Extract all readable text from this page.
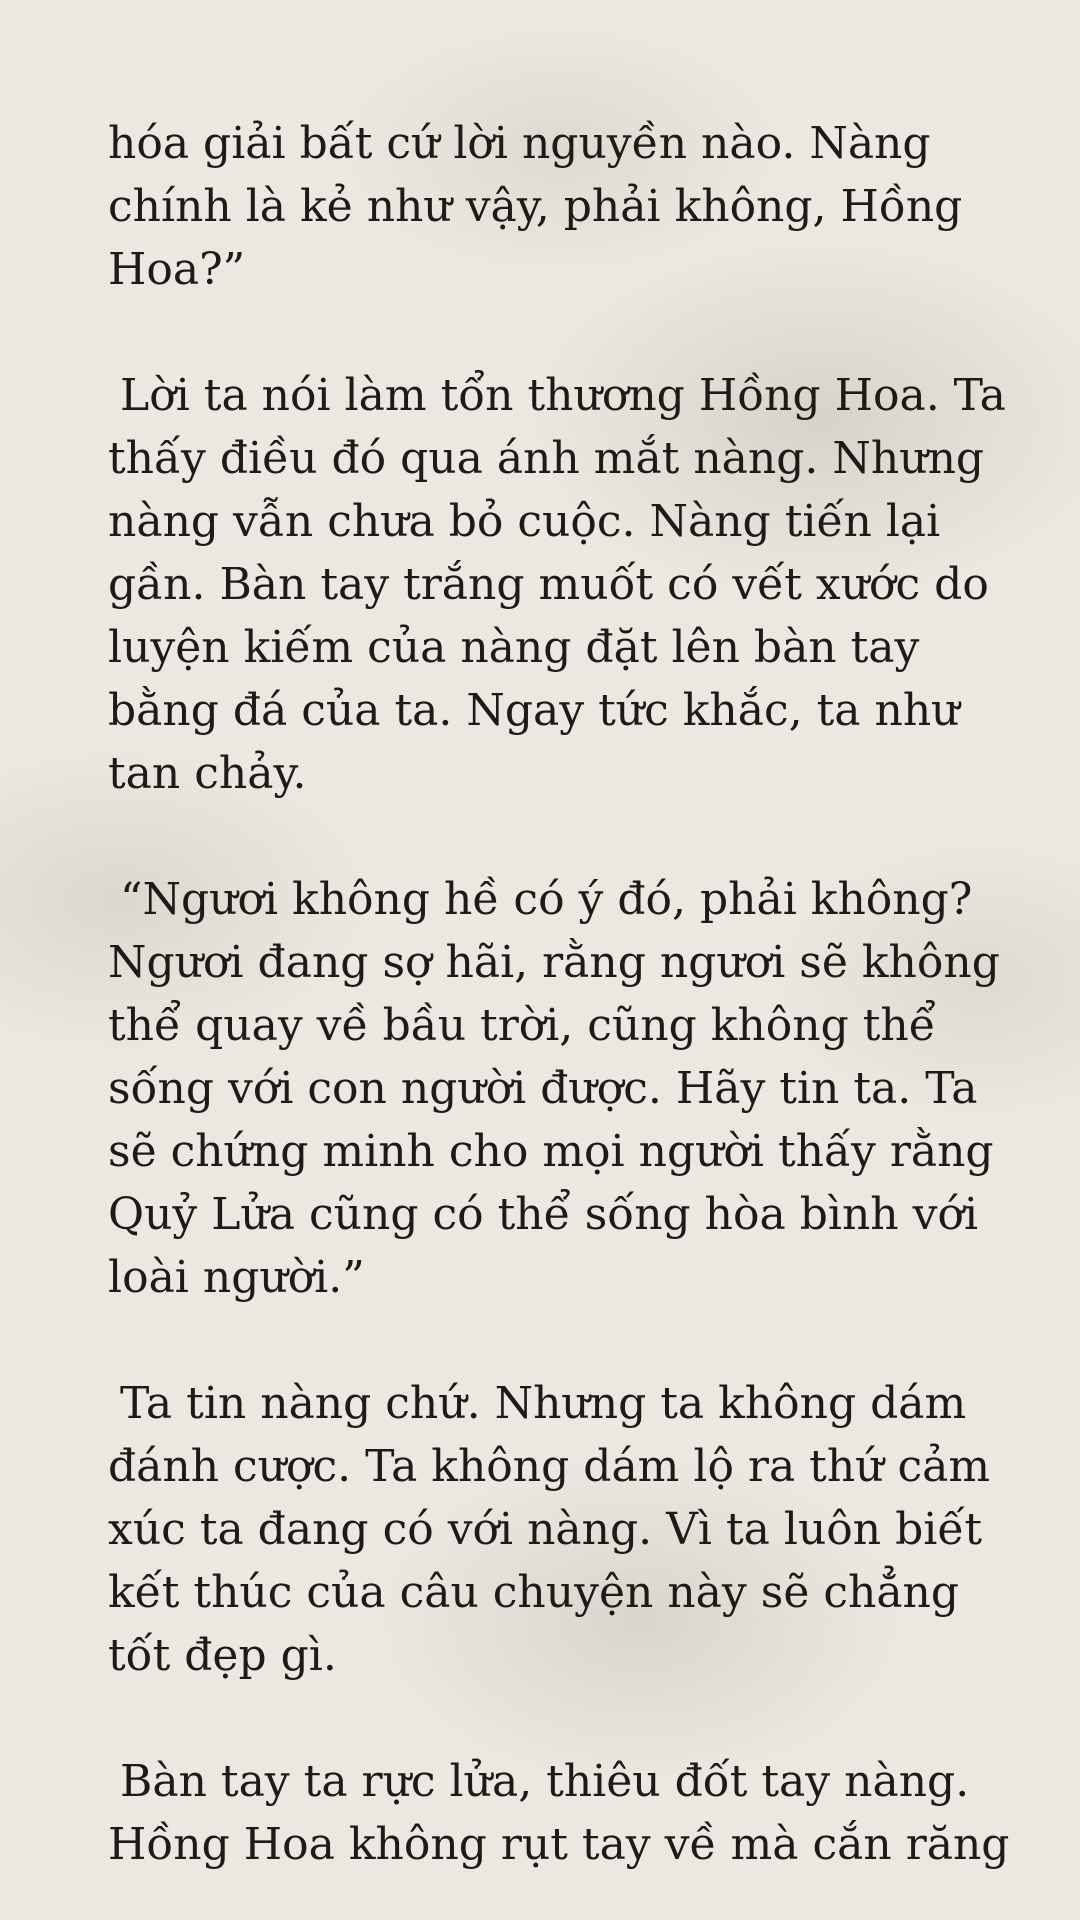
hóa giải bất cứ lời nguyền nào. Nàng
chính là kẻ như vậy, phải không, Hồng
Hoa?”

Lời ta nói làm tổn thương Hồng Hoa. Ta
thấy điều đó qua ánh mắt nàng. Nhưng
nàng vẫn chưa bỏ cuộc. Nàng tiến lại
gần. Bàn tay trắng muốt có vết xước do
luyện kiếm của nàng đặt lên bàn tay
bằng đá của ta. Ngay tức khắc, ta như
tan chảy.

“Ngươi không hề có ý đó, phải không?
Ngươi đang sợ hãi, rằng ngươi sẽ không
thể quay về bầu trời, cũng không thể
sống với con người được. Hãy tin ta. Ta
sẽ chứng minh cho mọi người thấy rằng
Quỷ Lửa cũng có thể sống hòa bình với
loài người.”

Ta tin nàng chứ. Nhưng ta không dám
đánh cược. Ta không dám lộ ra thứ cảm
xúc ta đang có với nàng. Vì ta luôn biết
kết thúc của câu chuyện này sẽ chẳng
tốt đẹp gì.

Bàn tay ta rực lửa, thiêu đốt tay nàng.
Hồng Hoa không rụt tay về mà cắn răng
